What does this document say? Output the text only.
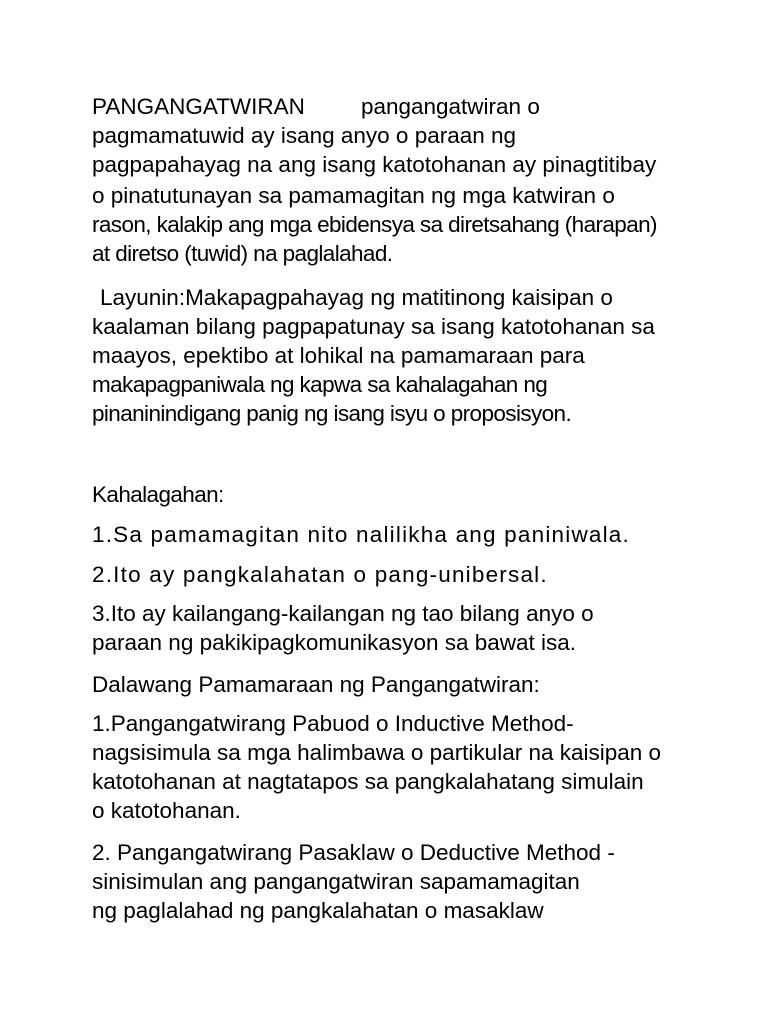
PANGANGATWIRAN pangangatwiran o

pagmamatuwid ay isang anyo o paraan ng

pagpapahayag na ang isang katotohanan ay pinagtitibay

o pinatutunayan sa pamamagitan ng mga katwiran o

rason, kalakip ang mga ebidensya sa diretsahang (harapan)

at diretso (tuwid) na paglalahad.

Layunin:Makapagpahayag ng matitinong kaisipan o

kaalaman bilang pagpapatunay sa isang katotohanan sa

maayos, epektibo at lohikal na pamamaraan para

makapagpaniwala ng kapwa sa kahalagahan ng

pinaninindigang panig ng isang isyu o proposisyon.

Kahalagahan:

1.Sa pamamagitan nito nalilikha ang paniniwala.

2.Ito ay pangkalahatan o pang-unibersal.

3.Ito ay kailangang-kailangan ng tao bilang anyo o

paraan ng pakikipagkomunikasyon sa bawat isa.

Dalawang Pamamaraan ng Pangangatwiran:

1.Pangangatwirang Pabuod o Inductive Method-

nagsisimula sa mga halimbawa o partikular na kaisipan o

katotohanan at nagtatapos sa pangkalahatang simulain

o katotohanan.

2. Pangangatwirang Pasaklaw o Deductive Method -

sinisimulan ang pangangatwiran sapamamagitan

ng paglalahad ng pangkalahatan o masaklaw
